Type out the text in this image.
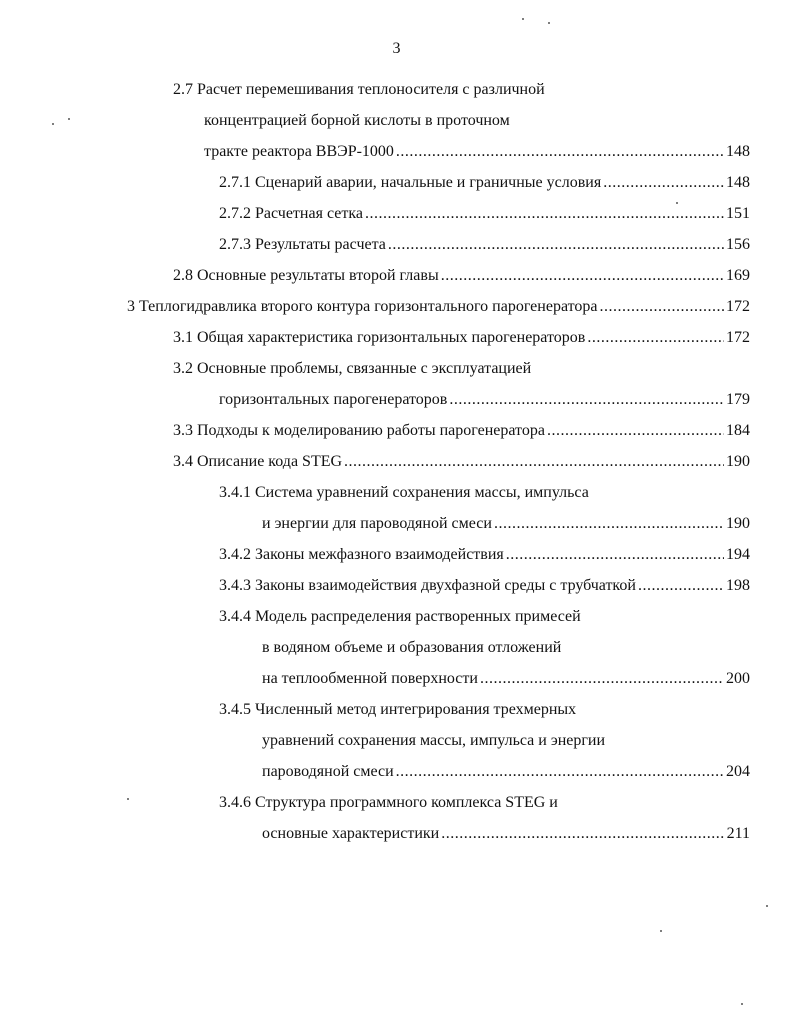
3
2.7 Расчет перемешивания теплоносителя с различной
концентрацией борной кислоты в проточном
тракте реактора ВВЭР-1000 .....	148
2.7.1 Сценарий аварии, начальные и граничные условия .....	148
2.7.2 Расчетная сетка .....	151
2.7.3 Результаты расчета .....	156
2.8 Основные результаты второй главы .....	169
3 Теплогидравлика второго контура горизонтального парогенератора .....	172
3.1 Общая характеристика горизонтальных парогенераторов .....	172
3.2 Основные проблемы, связанные с эксплуатацией
горизонтальных парогенераторов .....	179
3.3 Подходы к моделированию работы парогенератора .....	184
3.4 Описание кода STEG .....	190
3.4.1 Система уравнений сохранения массы, импульса
и энергии для пароводяной смеси .....	190
3.4.2 Законы межфазного взаимодействия .....	194
3.4.3 Законы взаимодействия двухфазной среды с трубчаткой .....	198
3.4.4 Модель распределения растворенных примесей
в водяном объеме и образования отложений
на теплообменной поверхности .....	200
3.4.5 Численный метод интегрирования трехмерных
уравнений сохранения массы, импульса и энергии
пароводяной смеси .....	204
3.4.6 Структура программного комплекса STEG и
основные характеристики .....	211
